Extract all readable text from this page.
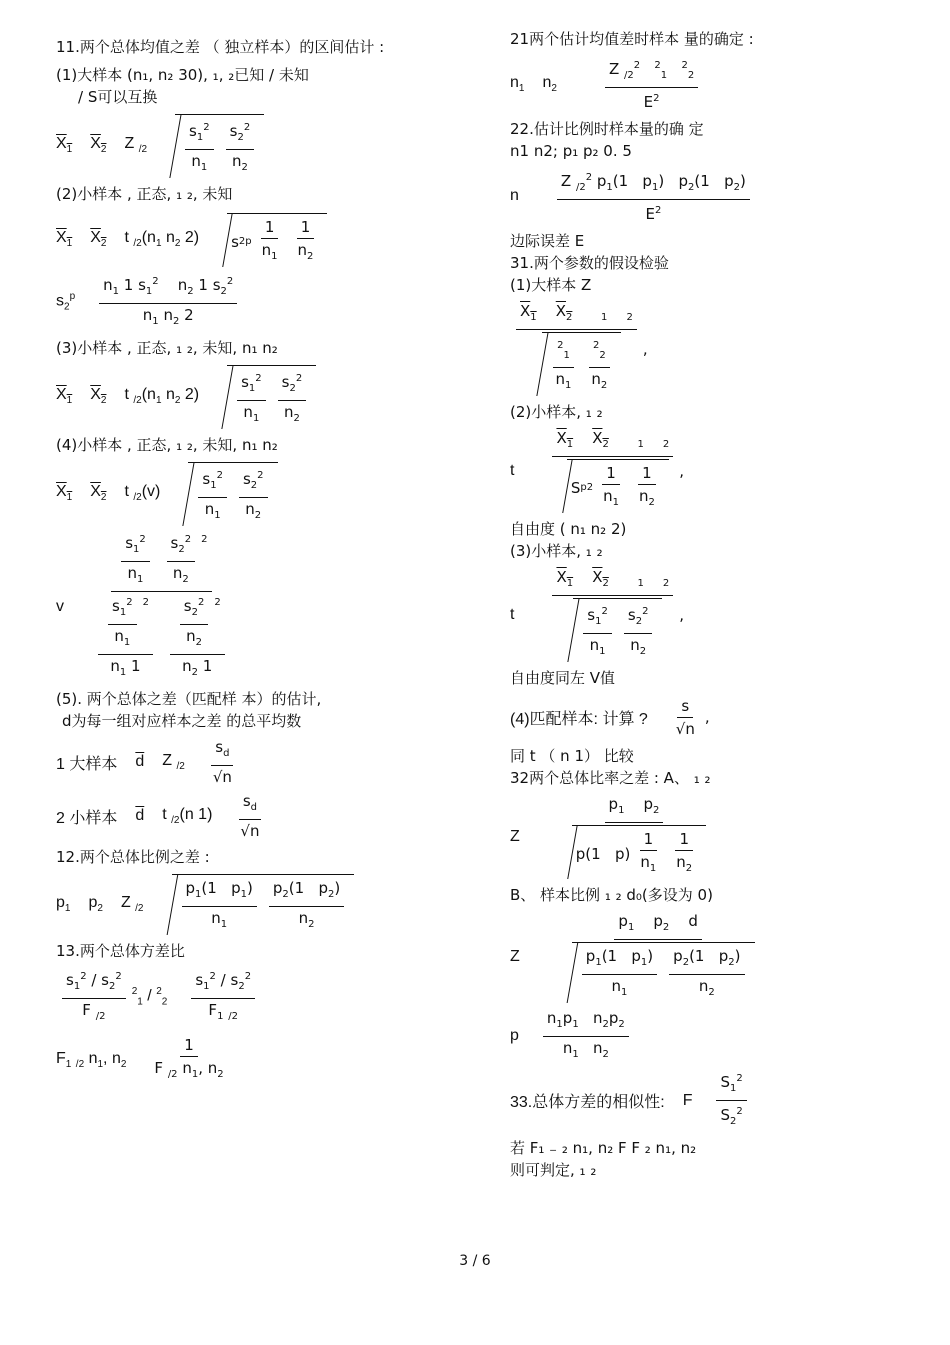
11.两个总体均值之差 （ 独立样本）的区间估计 :
(1)大样本 (n₁, n₂ 30), ₁, ₂已知 / 未知
/ S可以互换
$X_1$ $X_2$ Z $_{/2}$	$\frac{s_1^2}{n_1} \frac{s_2^2}{n_2}$
(2)小样本 , 正态, ₁ ₂, 未知
$X_1$ $X_2$ t $_{/2}(n_1$ $n_2$ 2) s 2 p $\frac{1}{n_1} \frac{1}{n_2}$
$s_2^p \frac{n_1 1 s_1^2 n_2 1 s_2^2}{n_1 n_2 2}$
(3)小样本 , 正态, ₁ ₂, 未知, n₁ n₂
$X_1$ $X_2$ t $_{/2}(n_1$ $n_2$ 2)	$\frac{s_1^2}{n_1} \frac{s_2^2}{n_2}$
(4)小样本 , 正态, ₁ ₂, 未知, n₁ n₂
$X_1$ $X_2$ t $_{/2}$(v)	$\frac{s_1^2}{n_1} \frac{s_2^2}{n_2}$
v $\frac{s_1^2}{n_1}$
$\frac{s_2^2}{n_2} ^2$
$\frac{\frac{s_1^2}{n_1} ^2}{n_1 1}$
$\frac{\frac{s_2^2}{n_2} ^2}{n_2 1}$
(5). 两个总体之差（匹配样 本）的估计,
d为每一组对应样本之差 的总平均数
1 大样本 $\overline{d}$ Z $_{/2} \frac{s_d}{√n}$
2 小样本 $\overline{d}$ t $_{/2}$(n $1) \frac{s_d}{√n}$
12.两个总体比例之差 :
$p_1$ $p_2$ Z $_{/2}$	$\frac{p_1(1 p_1)}{n_1} \frac{p_2(1 p_2)}{n_2}$
13.两个总体方差比
$\frac{s_1^2 / s_2^2}{F _{/2}} ^2_1 / ^2_2 \frac{s_1^2 / s_2^2}{F_1 _{/2}}$
$F_1$ $_{/2}$ $n_1$, $n_2 \frac{1}{F _{/2} n_1, n_2}$
21两个估计均值差时样本 量的确定 :
$n_1$ $n_2$	$\frac{Z _{/2}^2 ^2_1 ^2_2}{E^2}$
22.估计比例时样本量的确 定
n1 n2; p₁ p₂ 0. 5
n	$\frac{Z _{/2}^2 p_1(1 p_1) p_2(1 p_2)}{E^2}$
边际误差 E
31.两个参数的假设检验
(1)大样本 Z
$X_1$ $X_2$	$_1$ $_2$
$\frac{^2_1}{n_1} \frac{^2_2}{n_2}$ ,
(2)小样本, ₁ ₂
t	$X_1$ $X_2$	$_1$ $_2$
S p $2 \frac{1}{n_1} \frac{1}{n_2}$ ,
自由度 ( n₁ n₂ 2)
(3)小样本, ₁ ₂
t	$X_1$ $X_2$	$_1$ $_2$
$\frac{s_1^2}{n_1} \frac{s_2^2}{n_2}$ ,
自由度同左 V值
(4)匹配样本: 计算 ? $\frac{s}{√n}$ ,
同 t （ n 1） 比较
32两个总体比率之差 : A、 ₁ ₂
Z	$\frac{p_1 p_2}{p(1 p) \frac{1}{n_1} \frac{1}{n_2}}$
B、 样本比例 ₁ ₂ d₀(多设为 0)
Z	$\frac{p_1 p_2 d}{\frac{p_1(1 p_1)}{n_1} \frac{p_2(1 p_2)}{n_2}}$
p $\frac{n_1p_1 n_2p_2}{n_1 n_2}$
33.总体方差的相似性: F $\frac{S_1^2}{S_2^2}$
若 F₁ ₋ ₂ n₁, n₂ F F ₂ n₁, n₂
则可判定, ₁ ₂
3 / 6
